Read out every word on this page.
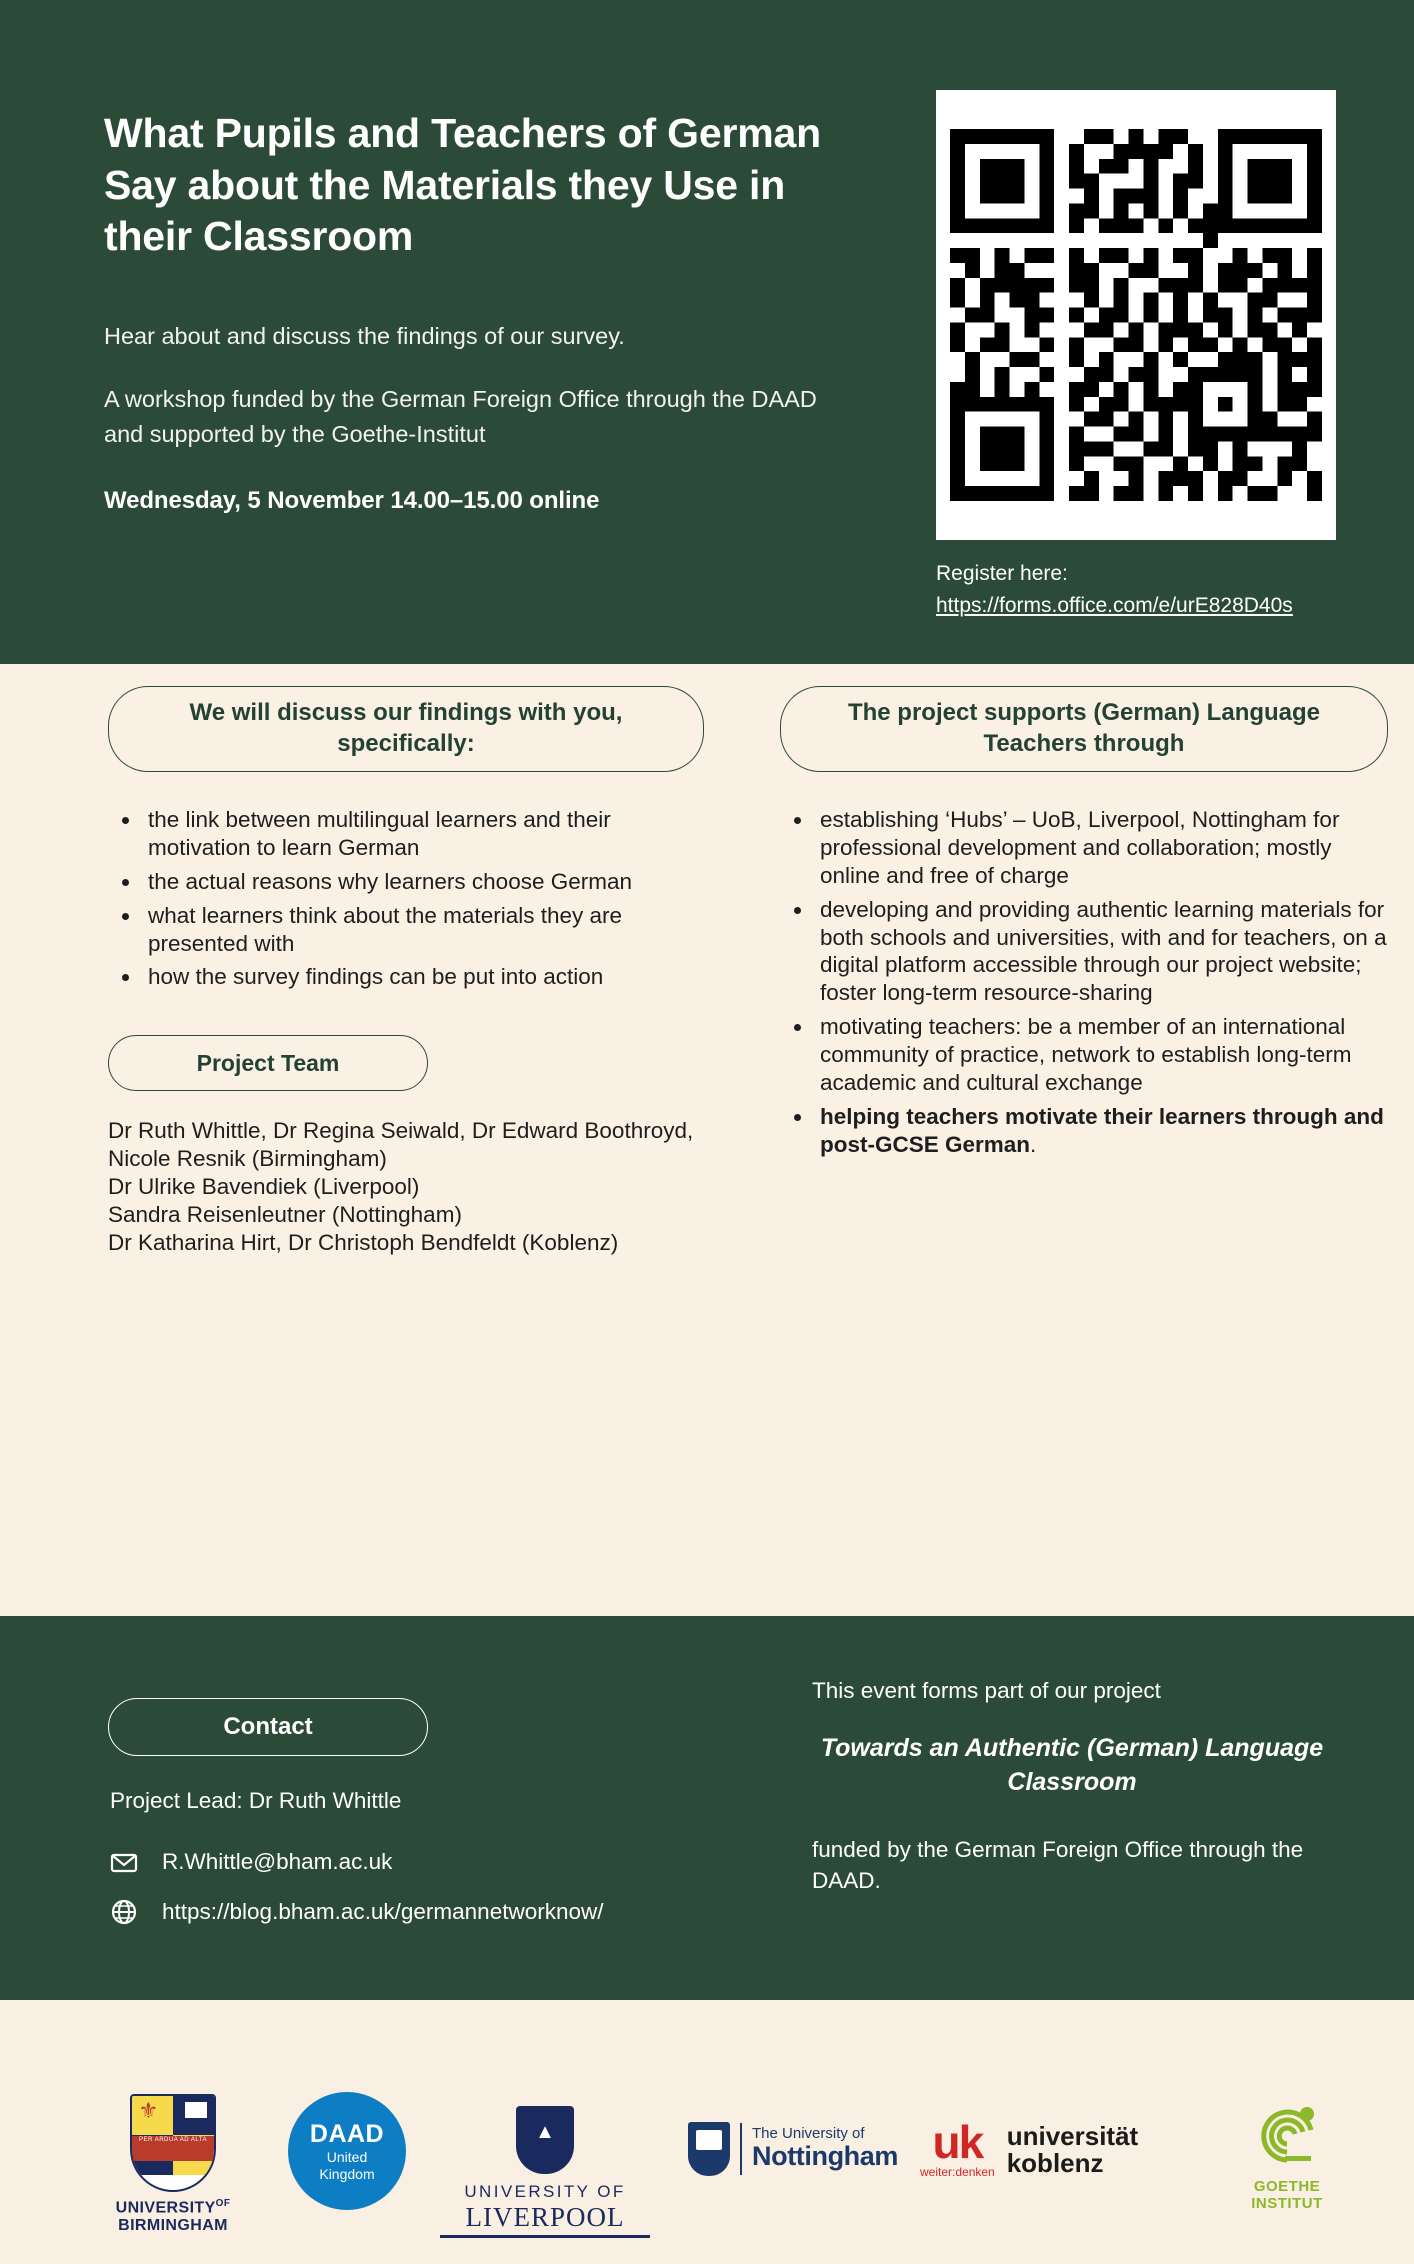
What Pupils and Teachers of German Say about the Materials they Use in their Classroom

Hear about and discuss the findings of our survey.

A workshop funded by the German Foreign Office through the DAAD and supported by the Goethe-Institut

Wednesday, 5 November 14.00–15.00 online

Register here:
https://forms.office.com/e/urE828D40s
We will discuss our findings with you, specifically:
• the link between multilingual learners and their motivation to learn German
• the actual reasons why learners choose German
• what learners think about the materials they are presented with
• how the survey findings can be put into action
Project Team
Dr Ruth Whittle, Dr Regina Seiwald, Dr Edward Boothroyd, Nicole Resnik (Birmingham)
Dr Ulrike Bavendiek (Liverpool)
Sandra Reisenleutner (Nottingham)
Dr Katharina Hirt, Dr Christoph Bendfeldt (Koblenz)
The project supports (German) Language Teachers through
• establishing ‘Hubs’ – UoB, Liverpool, Nottingham for professional development and collaboration; mostly online and free of charge
• developing and providing authentic learning materials for both schools and universities, with and for teachers, on a digital platform accessible through our project website; foster long-term resource-sharing
• motivating teachers: be a member of an international community of practice, network to establish long-term academic and cultural exchange
• helping teachers motivate their learners through and post-GCSE German.
⚜
PER ARDUA AD ALTA
$UNIVERSITY^{OF}$
BIRMINGHAM
DAAD
United
Kingdom
▲
UNIVERSITY OF
LIVERPOOL
The University of
Nottingham uk
weiter:denken
universität
koblenz
GOETHE
INSTITUT
Contact
Project Lead: Dr Ruth Whittle
R.Whittle@bham.ac.uk
https://blog.bham.ac.uk/germannetworknow/

This event forms part of our project

Towards an Authentic (German) Language Classroom

funded by the German Foreign Office through the DAAD.
